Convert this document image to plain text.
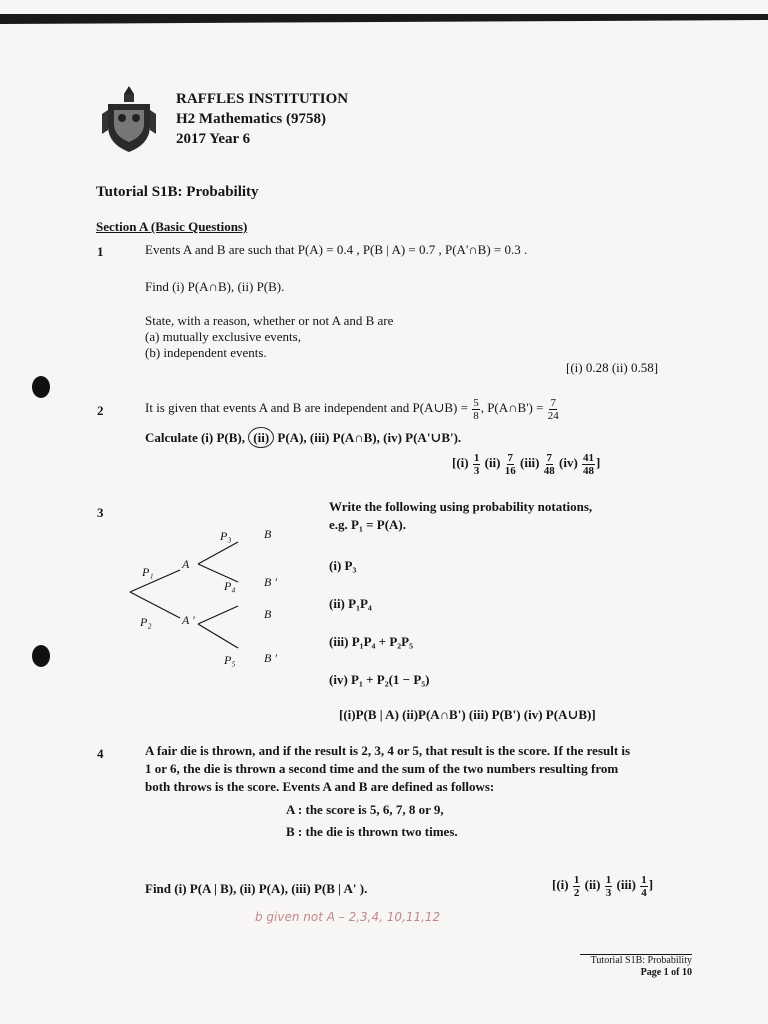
RAFFLES INSTITUTION
H2 Mathematics (9758)
2017 Year 6
Tutorial S1B: Probability
Section A (Basic Questions)
1	Events A and B are such that P(A) = 0.4 , P(B | A) = 0.7 , P(A'∩B) = 0.3 .
Find (i) P(A∩B), (ii) P(B).
State, with a reason, whether or not A and B are
(a) mutually exclusive events,
(b) independent events.
[(i) 0.28 (ii) 0.58]
2	It is given that events A and B are independent and P(A∪B) = $\frac{5}{8}$ , P(A∩B') = $\frac{7}{24}$
Calculate (i) P(B), (ii) P(A), (iii) P(A∩B), (iv) P(A'∪B').
[$(i) \frac{1}{3} (ii) \frac{7}{16} (iii) \frac{7}{48} (iv) \frac{41}{48}$ ]
3	Write the following using probability notations,
e.g. P₁ = P(A).
(i) P₃
(ii) P₁P₄
(iii) P₁P₄ + P₂P₅
(iv) P₁ + P₂(1 − P₅)
[(i)P(B | A) (ii)P(A∩B') (iii) P(B') (iv) P(A∪B)]
P₁
P₂
A
A '
P₃
P₄
P₅
B
B '
B
B '
4	A fair die is thrown, and if the result is 2, 3, 4 or 5, that result is the score. If the result is
1 or 6, the die is thrown a second time and the sum of the two numbers resulting from
both throws is the score. Events A and B are defined as follows:
A : the score is 5, 6, 7, 8 or 9,
B : the die is thrown two times.
Find (i) P(A | B), (ii) P(A), (iii) P(B | A' ).	[$(i) \frac{1}{2} (ii) \frac{1}{3} (iii) \frac{1}{4}$ ]
b given not A – 2,3,4, 10,11,12
Tutorial S1B: Probability
Page 1 of 10
